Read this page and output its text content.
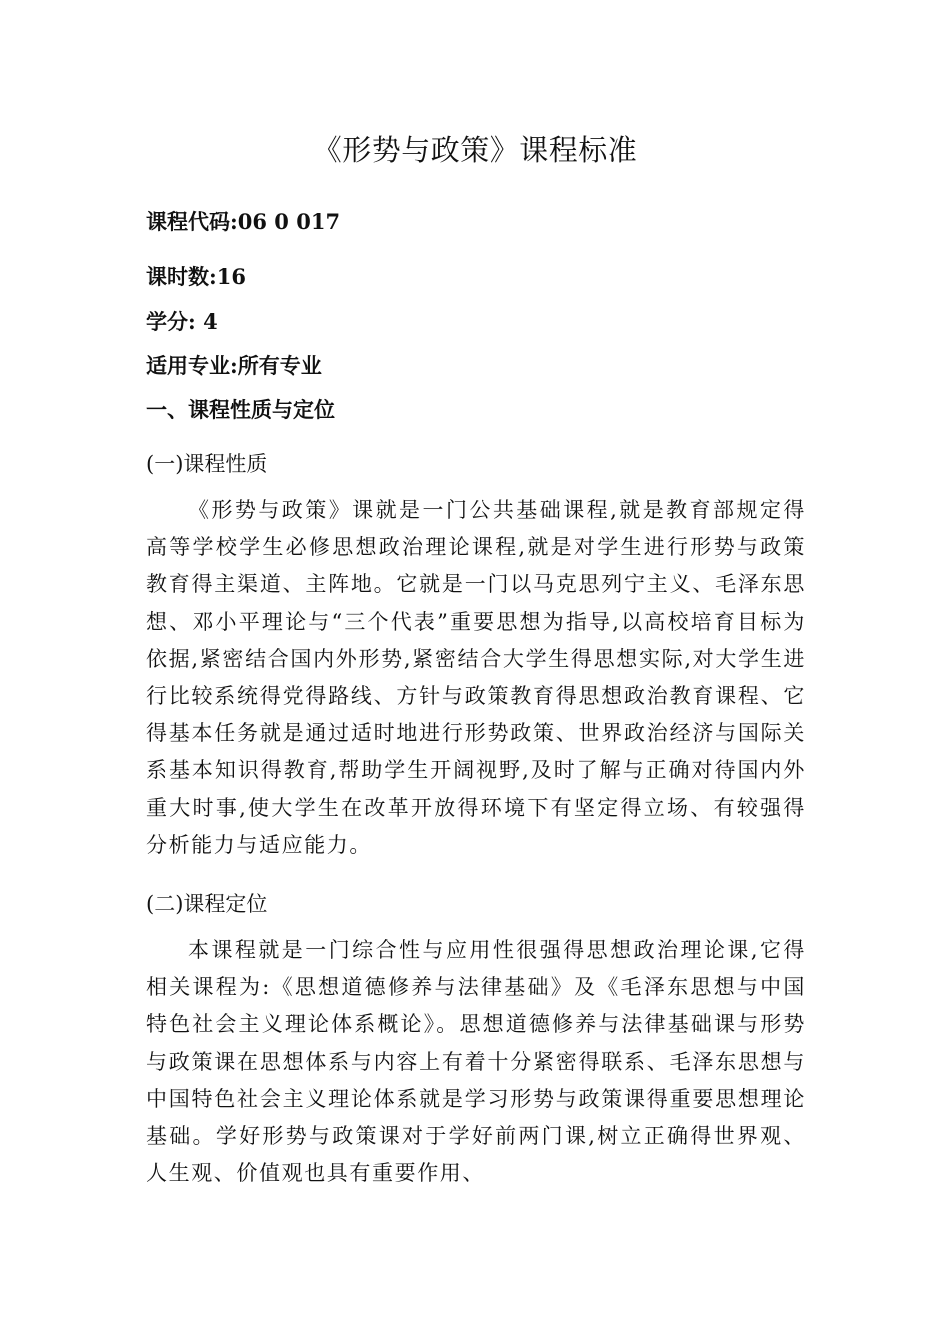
《形势与政策》课程标准

课程代码:06 0 017

课时数:16

学分: 4

适用专业:所有专业

一、课程性质与定位

(一)课程性质

《形势与政策》课就是一门公共基础课程,就是教育部规定得高等学校学生必修思想政治理论课程,就是对学生进行形势与政策教育得主渠道、主阵地。它就是一门以马克思列宁主义、毛泽东思想、邓小平理论与“三个代表”重要思想为指导,以高校培育目标为依据,紧密结合国内外形势,紧密结合大学生得思想实际,对大学生进行比较系统得党得路线、方针与政策教育得思想政治教育课程、它得基本任务就是通过适时地进行形势政策、世界政治经济与国际关系基本知识得教育,帮助学生开阔视野,及时了解与正确对待国内外重大时事,使大学生在改革开放得环境下有坚定得立场、有较强得分析能力与适应能力。

(二)课程定位

本课程就是一门综合性与应用性很强得思想政治理论课,它得相关课程为:《思想道德修养与法律基础》及《毛泽东思想与中国特色社会主义理论体系概论》。思想道德修养与法律基础课与形势与政策课在思想体系与内容上有着十分紧密得联系、毛泽东思想与中国特色社会主义理论体系就是学习形势与政策课得重要思想理论基础。学好形势与政策课对于学好前两门课,树立正确得世界观、人生观、价值观也具有重要作用、
